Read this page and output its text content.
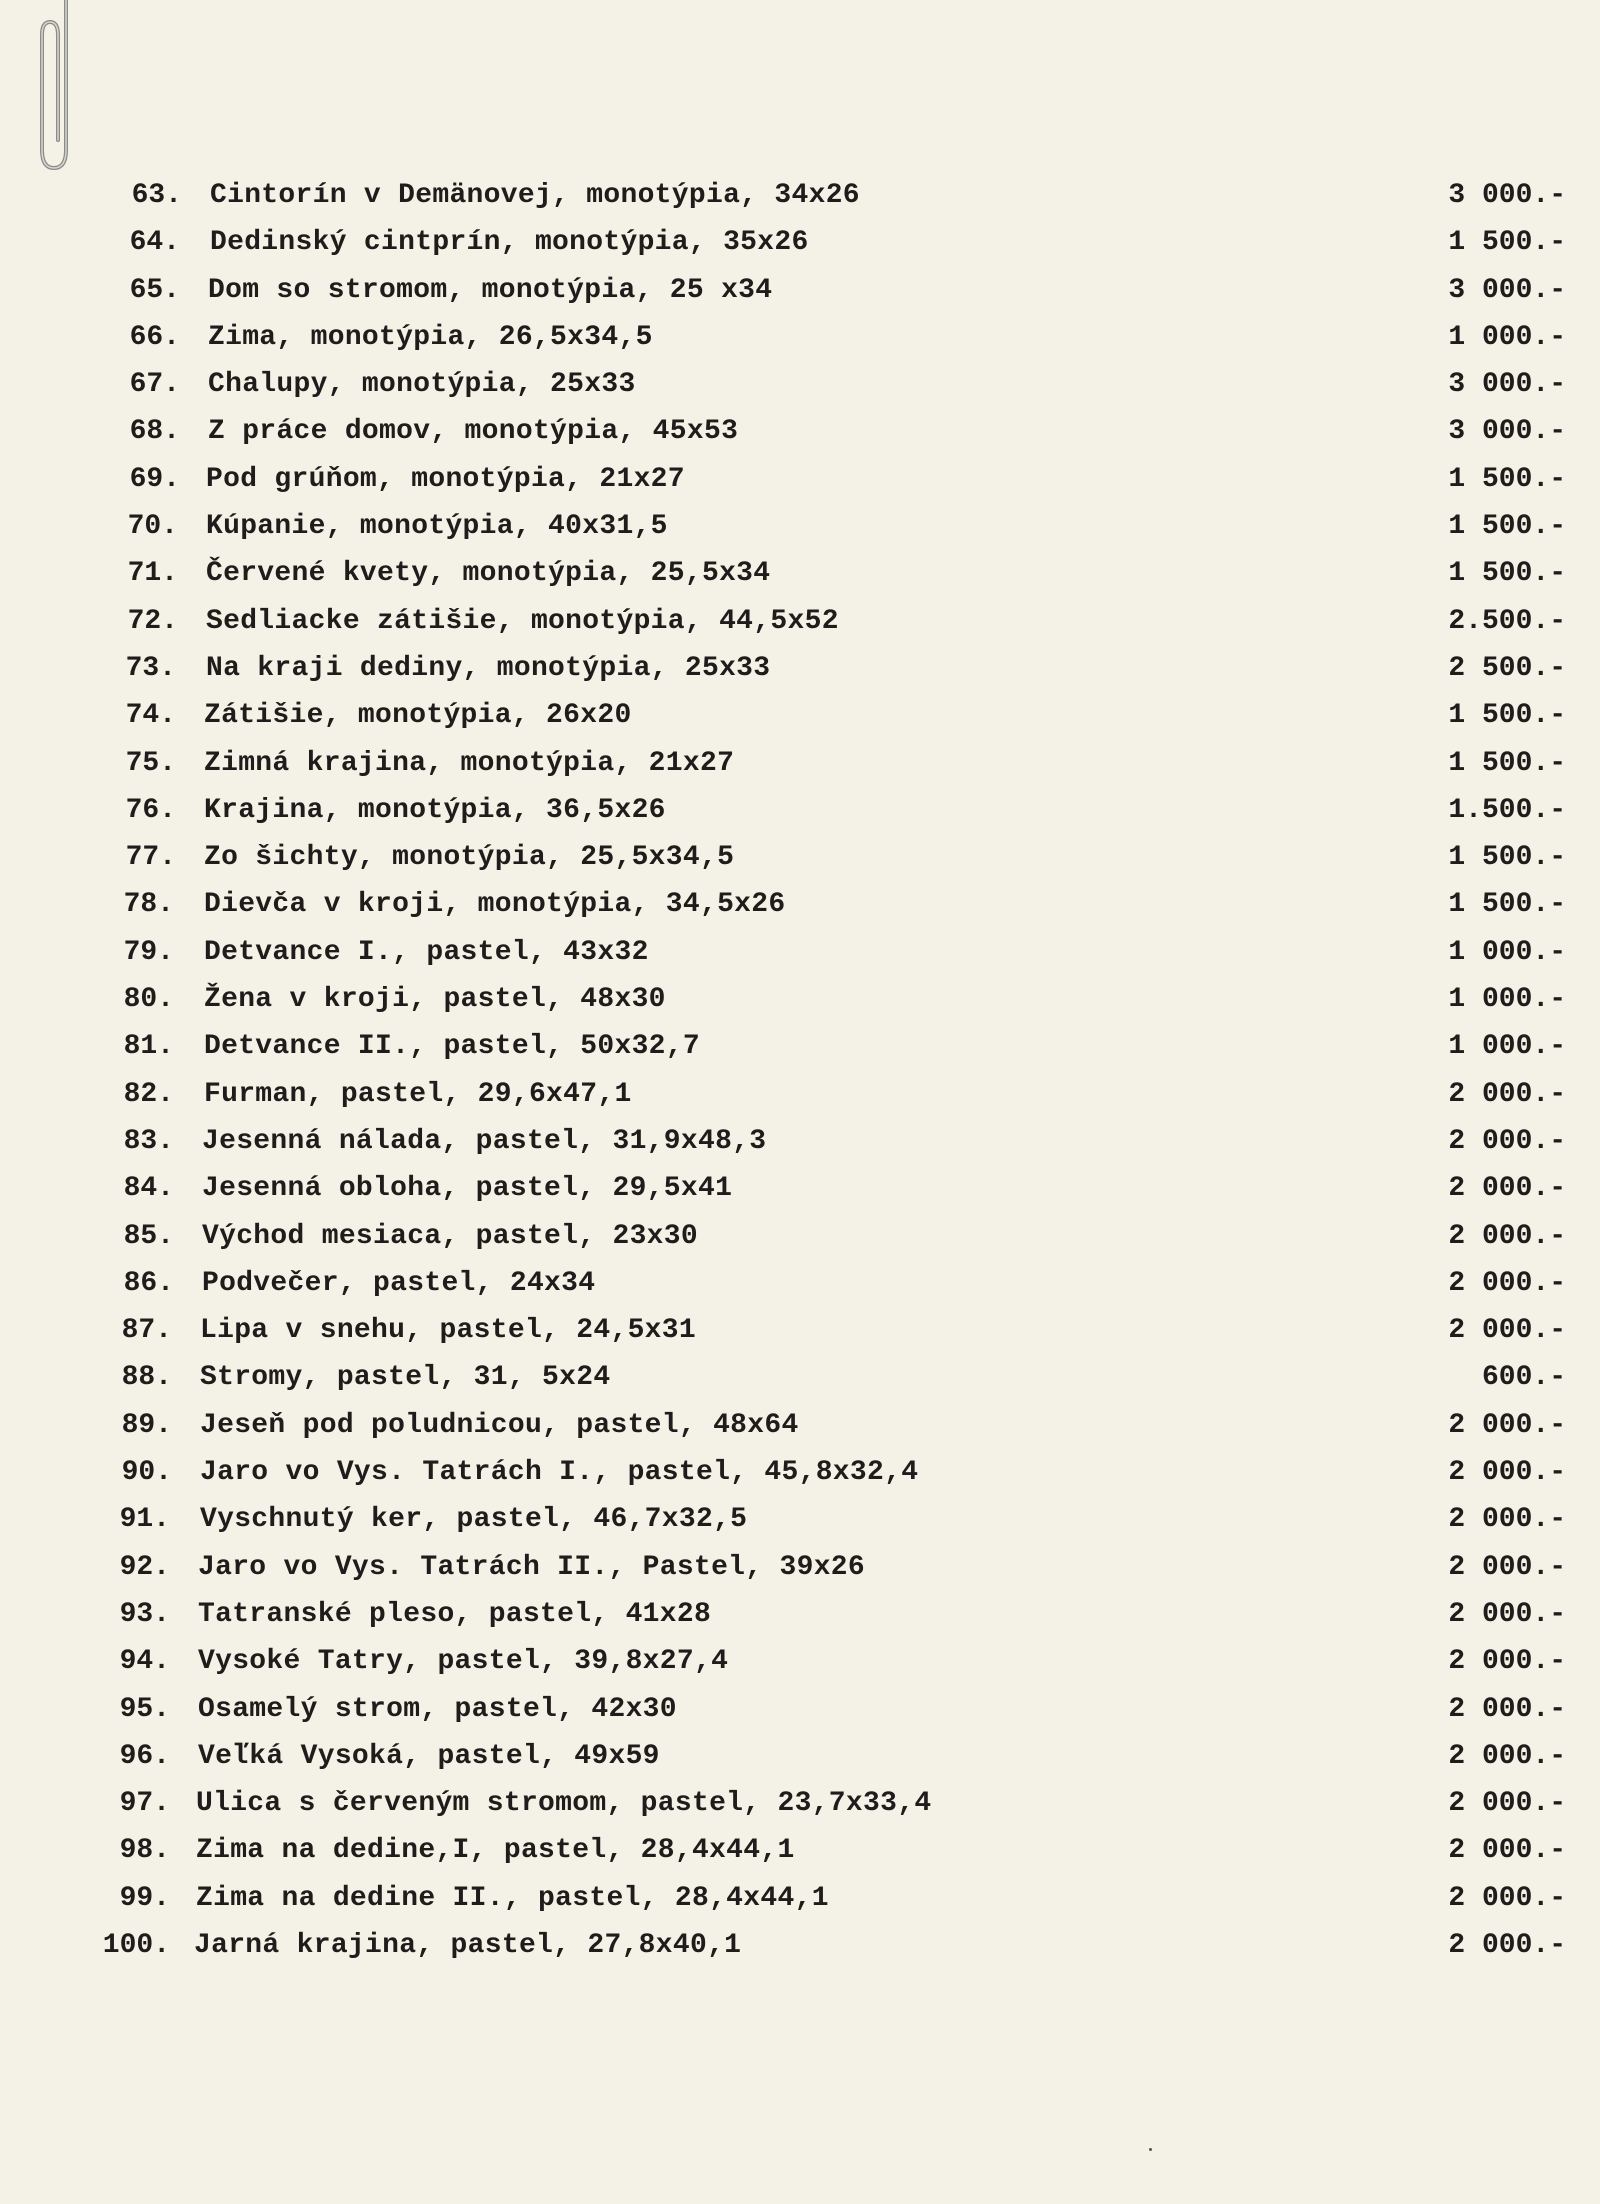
63. Cintorín v Demänovej, monotýpia, 34x26	3 000.-
64. Dedinský cintprín, monotýpia, 35x26	1 500.-
65. Dom so stromom, monotýpia, 25 x34	3 000.-
66. Zima, monotýpia, 26,5x34,5	1 000.-
67. Chalupy, monotýpia, 25x33	3 000.-
68. Z práce domov, monotýpia, 45x53	3 000.-
69. Pod grúňom, monotýpia, 21x27	1 500.-
70. Kúpanie, monotýpia, 40x31,5	1 500.-
71. Červené kvety, monotýpia, 25,5x34	1 500.-
72. Sedliacke zátišie, monotýpia, 44,5x52	2.500.-
73. Na kraji dediny, monotýpia, 25x33	2 500.-
74. Zátišie, monotýpia, 26x20	1 500.-
75. Zimná krajina, monotýpia, 21x27	1 500.-
76. Krajina, monotýpia, 36,5x26	1.500.-
77. Zo šichty, monotýpia, 25,5x34,5	1 500.-
78. Dievča v kroji, monotýpia, 34,5x26	1 500.-
79. Detvance I., pastel, 43x32	1 000.-
80. Žena v kroji, pastel, 48x30	1 000.-
81. Detvance II., pastel, 50x32,7	1 000.-
82. Furman, pastel, 29,6x47,1	2 000.-
83. Jesenná nálada, pastel, 31,9x48,3	2 000.-
84. Jesenná obloha, pastel, 29,5x41	2 000.-
85. Východ mesiaca, pastel, 23x30	2 000.-
86. Podvečer, pastel, 24x34	2 000.-
87. Lipa v snehu, pastel, 24,5x31	2 000.-
88. Stromy, pastel, 31, 5x24	600.-
89. Jeseň pod poludnicou, pastel, 48x64	2 000.-
90. Jaro vo Vys. Tatrách I., pastel, 45,8x32,4	2 000.-
91. Vyschnutý ker, pastel, 46,7x32,5	2 000.-
92. Jaro vo Vys. Tatrách II., Pastel, 39x26	2 000.-
93. Tatranské pleso, pastel, 41x28	2 000.-
94. Vysoké Tatry, pastel, 39,8x27,4	2 000.-
95. Osamelý strom, pastel, 42x30	2 000.-
96. Veľká Vysoká, pastel, 49x59	2 000.-
97. Ulica s červeným stromom, pastel, 23,7x33,4	2 000.-
98. Zima na dedine,I, pastel, 28,4x44,1	2 000.-
99. Zima na dedine II., pastel, 28,4x44,1	2 000.-
100. Jarná krajina, pastel, 27,8x40,1	2 000.-
